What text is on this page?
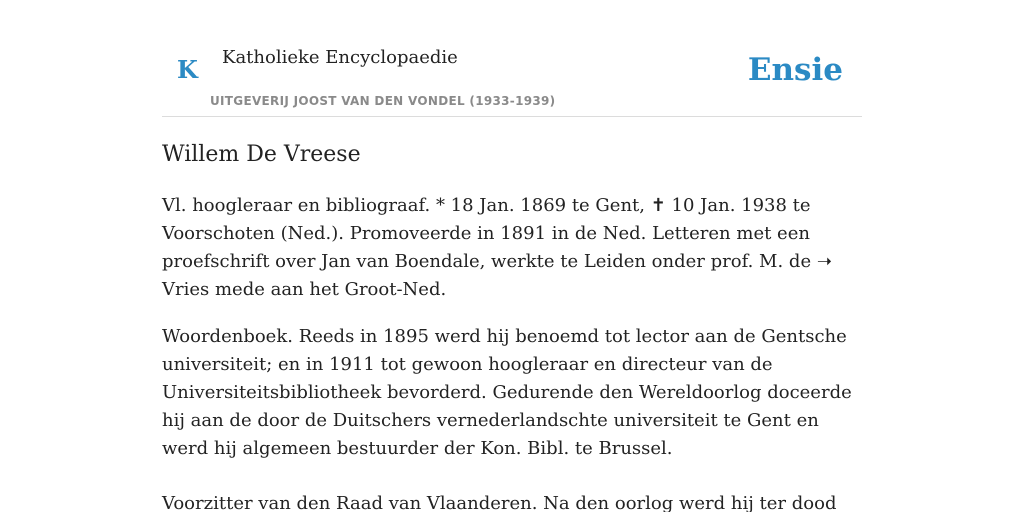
K Katholieke Encyclopaedie
UITGEVERIJ JOOST VAN DEN VONDEL (1933-1939)
Ensie
Willem De Vreese

Vl. hoogleraar en bibliograaf. * 18 Jan. 1869 te Gent, ✝ 10 Jan. 1938 te Voorschoten (Ned.). Promoveerde in 1891 in de Ned. Letteren met een proefschrift over Jan van Boendale, werkte te Leiden onder prof. M. de ➝ Vries mede aan het Groot-Ned.

Woordenboek. Reeds in 1895 werd hij benoemd tot lector aan de Gentsche universiteit; en in 1911 tot gewoon hoogleraar en directeur van de Universiteitsbibliotheek bevorderd. Gedurende den Wereldoorlog doceerde hij aan de door de Duitschers vernederlandschte universiteit te Gent en werd hij algemeen bestuurder der Kon. Bibl. te Brussel.

Voorzitter van den Raad van Vlaanderen. Na den oorlog werd hij ter dood
